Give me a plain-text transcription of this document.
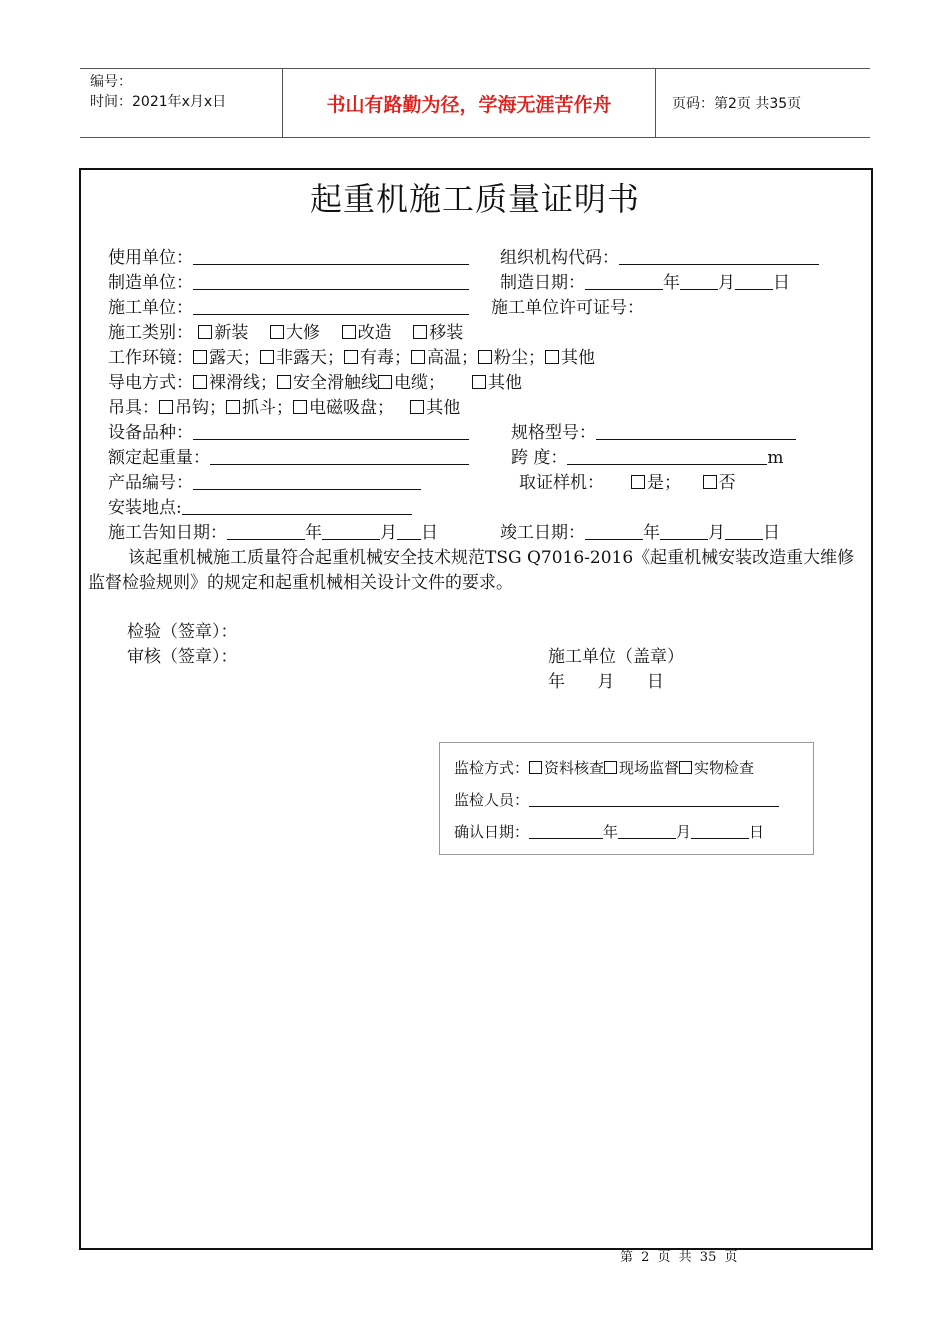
编号：
时间：2021年x月x日	书山有路勤为径，学海无涯苦作舟	页码：第2页 共35页
起重机施工质量证明书
使用单位：	组织机构代码：
制造单位：	制造日期：	年 月 日
施工单位：	施工单位许可证号：
施工类别： 新装 大修 改造 移装
工作环镜： 露天； 非露天； 有毒； 高温； 粉尘； 其他
导电方式： 裸滑线； 安全滑触线 电缆；	其他
吊具： 吊钩； 抓斗； 电磁吸盘； 其他
设备品种：	规格型号：
额定起重量：	跨 度：	m
产品编号：	取证样机：	是； 否
安装地点:
施工告知日期：	年	月 日	竣工日期：	年	月 日
该起重机械施工质量符合起重机械安全技术规范TSG Q7016-2016《起重机械安装改造重大维修监督检验规则》的规定和起重机械相关设计文件的要求。
检验（签章）：
审核（签章）：	施工单位（盖章）
年      月      日
监检方式： 资料核查 现场监督 实物检查
监检人员：
确认日期：	年	月	日
第 2 页 共 35 页
